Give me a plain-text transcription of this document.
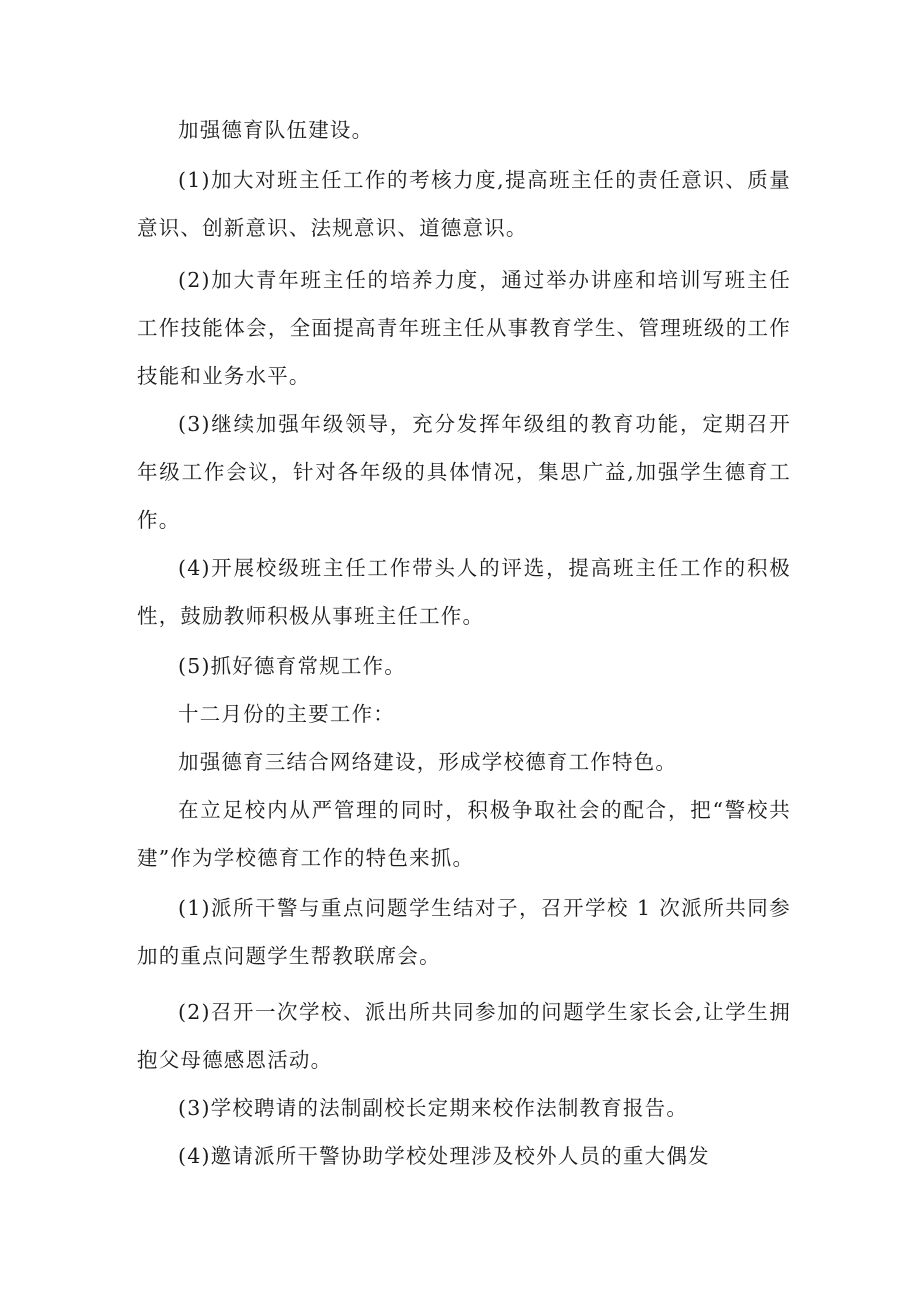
加强德育队伍建设。

(1)加大对班主任工作的考核力度,提高班主任的责任意识、质量意识、创新意识、法规意识、道德意识。

(2)加大青年班主任的培养力度，通过举办讲座和培训写班主任工作技能体会，全面提高青年班主任从事教育学生、管理班级的工作技能和业务水平。

(3)继续加强年级领导，充分发挥年级组的教育功能，定期召开年级工作会议，针对各年级的具体情况，集思广益,加强学生德育工作。

(4)开展校级班主任工作带头人的评选，提高班主任工作的积极性，鼓励教师积极从事班主任工作。

(5)抓好德育常规工作。

十二月份的主要工作：

加强德育三结合网络建设，形成学校德育工作特色。

在立足校内从严管理的同时，积极争取社会的配合，把“警校共建”作为学校德育工作的特色来抓。

(1)派所干警与重点问题学生结对子，召开学校 1 次派所共同参加的重点问题学生帮教联席会。

(2)召开一次学校、派出所共同参加的问题学生家长会,让学生拥抱父母德感恩活动。

(3)学校聘请的法制副校长定期来校作法制教育报告。

(4)邀请派所干警协助学校处理涉及校外人员的重大偶发
